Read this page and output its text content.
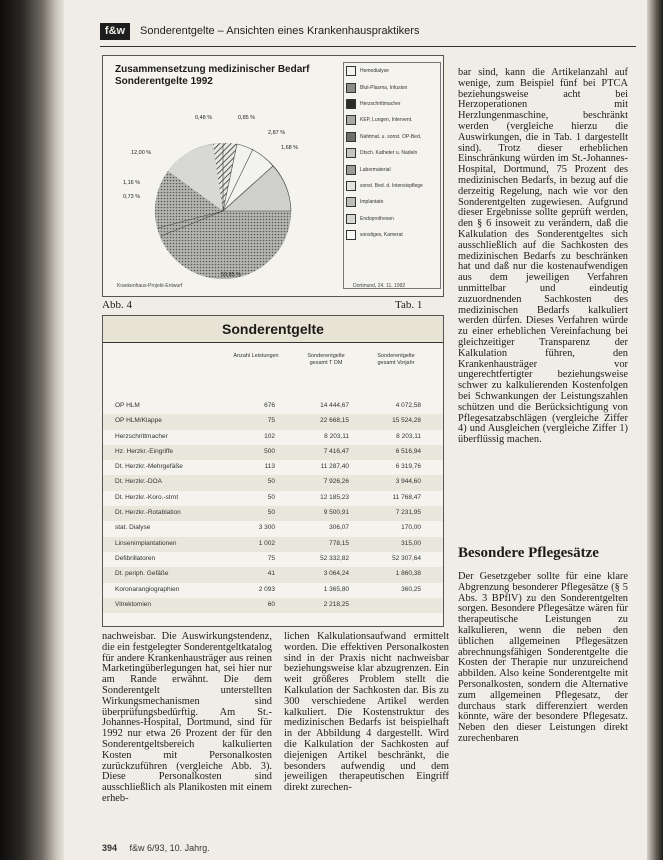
f&w	Sonderentgelte – Ansichten eines Krankenhauspraktikers
Zusammensetzung medizinischer Bedarf
Sonderentgelte 1992
0,48 %	0,85 %
2,87 %
1,68 %
12,00 %
1,16 %
0,73 %
59,85 %
Hemodialyse
Blut-Plasma, Infusion
Herzschrittmacher
KEP, Lungen, Intervent.
Nahtmat. u. sonst. OP-Bed.
Dtsch. Katheter u. Nadeln
Labormaterial
sonst. Bed. d. Intensivpflege
Implantate
Endoprothesen
sonstiges, Kamerat
Krankenhaus-Projekt-Entwurf	Dortmund, 24. 11. 1992
Abb. 4	Tab. 1
Sonderentgelte
Anzahl Leistungen	Sonderentgelte gesamt T DM
Sonderentgelte gesamt Vorjahr
OP HLM	676	14 444,67	4 072,58
OP HLM/Klappe	75	22 668,15	15 524,28
Herzschrittmacher	102	8 203,11	8 203,11
Hz. Herzkr.-Eingriffe	500	7 416,47	6 516,94
Dt. Herzkr.-Mehrgefäße	113	11 287,40	6 319,76
Dt. Herzkr.-DOA	50	7 926,26	3 944,60
Dt. Herzkr.-Koro.-strnt	50	12 185,23	11 768,47
Dt. Herzkr.-Rotablation	50	9 500,91	7 231,95
stat. Dialyse	3 300	306,07	170,00
Linsenimplantationen	1 002	778,15	315,00
Defibrillatoren	75	52 332,82	52 307,64
Dt. periph. Gefäße	41	3 064,24	1 860,38
Koronarangiographien	2 093	1 365,80	360,25
Vitrektomien	60	2 218,25

bar sind, kann die Artikelanzahl auf wenige, zum Beispiel fünf bei PTCA beziehungsweise acht bei Herzoperationen mit Herzlungenmaschine, beschränkt werden (vergleiche hierzu die Auswirkungen, die in Tab. 1 dargestellt sind). Trotz dieser erheblichen Einschränkung würden im St.-Johannes-Hospital, Dortmund, 75 Prozent des medizinischen Bedarfs, in bezug auf die derzeitig Regelung, nach wie vor den Sonderentgelten zugewiesen. Aufgrund dieser Ergebnisse sollte geprüft werden, den § 6 insoweit zu verändern, daß die Kalkulation des Sonderentgeltes sich ausschließlich auf die Sachkosten des medizinischen Bedarfs zu beschränken hat und daß nur die kostenaufwendigen aus dem jeweiligen Verfahren unmittelbar und eindeutig zuzuordnenden Sachkosten des medizinischen Bedarfs kalkuliert werden dürfen. Dieses Verfahren würde zu einer erheblichen Vereinfachung bei gleichzeitiger Transparenz der Kalkulation führen, den Krankenhausträger vor ungerechtfertigter beziehungsweise schwer zu kalkulierenden Kostenfolgen bei Schwankungen der Leistungszahlen schützen und die Berücksichtigung von Pflegesatzabschlägen (vergleiche Ziffer 4) und Ausgleichen (vergleiche Ziffer 1) überflüssig machen.

Besondere Pflegesätze

Der Gesetzgeber sollte für eine klare Abgrenzung besonderer Pflegesätze (§ 5 Abs. 3 BPflV) zu den Sonderentgelten sorgen. Besondere Pflegesätze wären für therapeutische Leistungen zu kalkulieren, wenn die neben den üblichen allgemeinen Pflegesätzen abrechnungsfähigen Sonderentgelte die Kosten der Therapie nur unzureichend abbilden. Also keine Sonderentgelte mit Personalkosten, sondern die Alternative zum allgemeinen Pflegesatz, der durchaus stark differenziert werden könnte, wäre der besondere Pflegesatz. Neben den dieser Leistungen direkt zurechenbaren

nachweisbar. Die Auswirkungstendenz, die ein festgelegter Sonderentgeltkatalog für andere Krankenhausträger aus reinen Marketingüberlegungen hat, sei hier nur am Rande erwähnt. Die dem Sonderentgelt unterstellten Wirkungsmechanismen sind überprüfungsbedürftig. Am St.-Johannes-Hospital, Dortmund, sind für 1992 nur etwa 26 Prozent der für den Sonderentgeltsbereich kalkulierten Kosten mit Personalkosten zurückzuführen (vergleiche Abb. 3). Diese Personalkosten sind ausschließlich als Planikosten mit einem erheb-

lichen Kalkulationsaufwand ermittelt worden. Die effektiven Personalkosten sind in der Praxis nicht nachweisbar beziehungsweise klar abzugrenzen. Ein weit größeres Problem stellt die Kalkulation der Sachkosten dar. Bis zu 300 verschiedene Artikel werden kalkuliert. Die Kostenstruktur des medizinischen Bedarfs ist beispielhaft in der Abbildung 4 dargestellt. Wird die Kalkulation der Sachkosten auf diejenigen Artikel beschränkt, die besonders aufwendig und dem jeweiligen therapeutischen Eingriff direkt zurechen-

394 f&w 6/93, 10. Jahrg.
